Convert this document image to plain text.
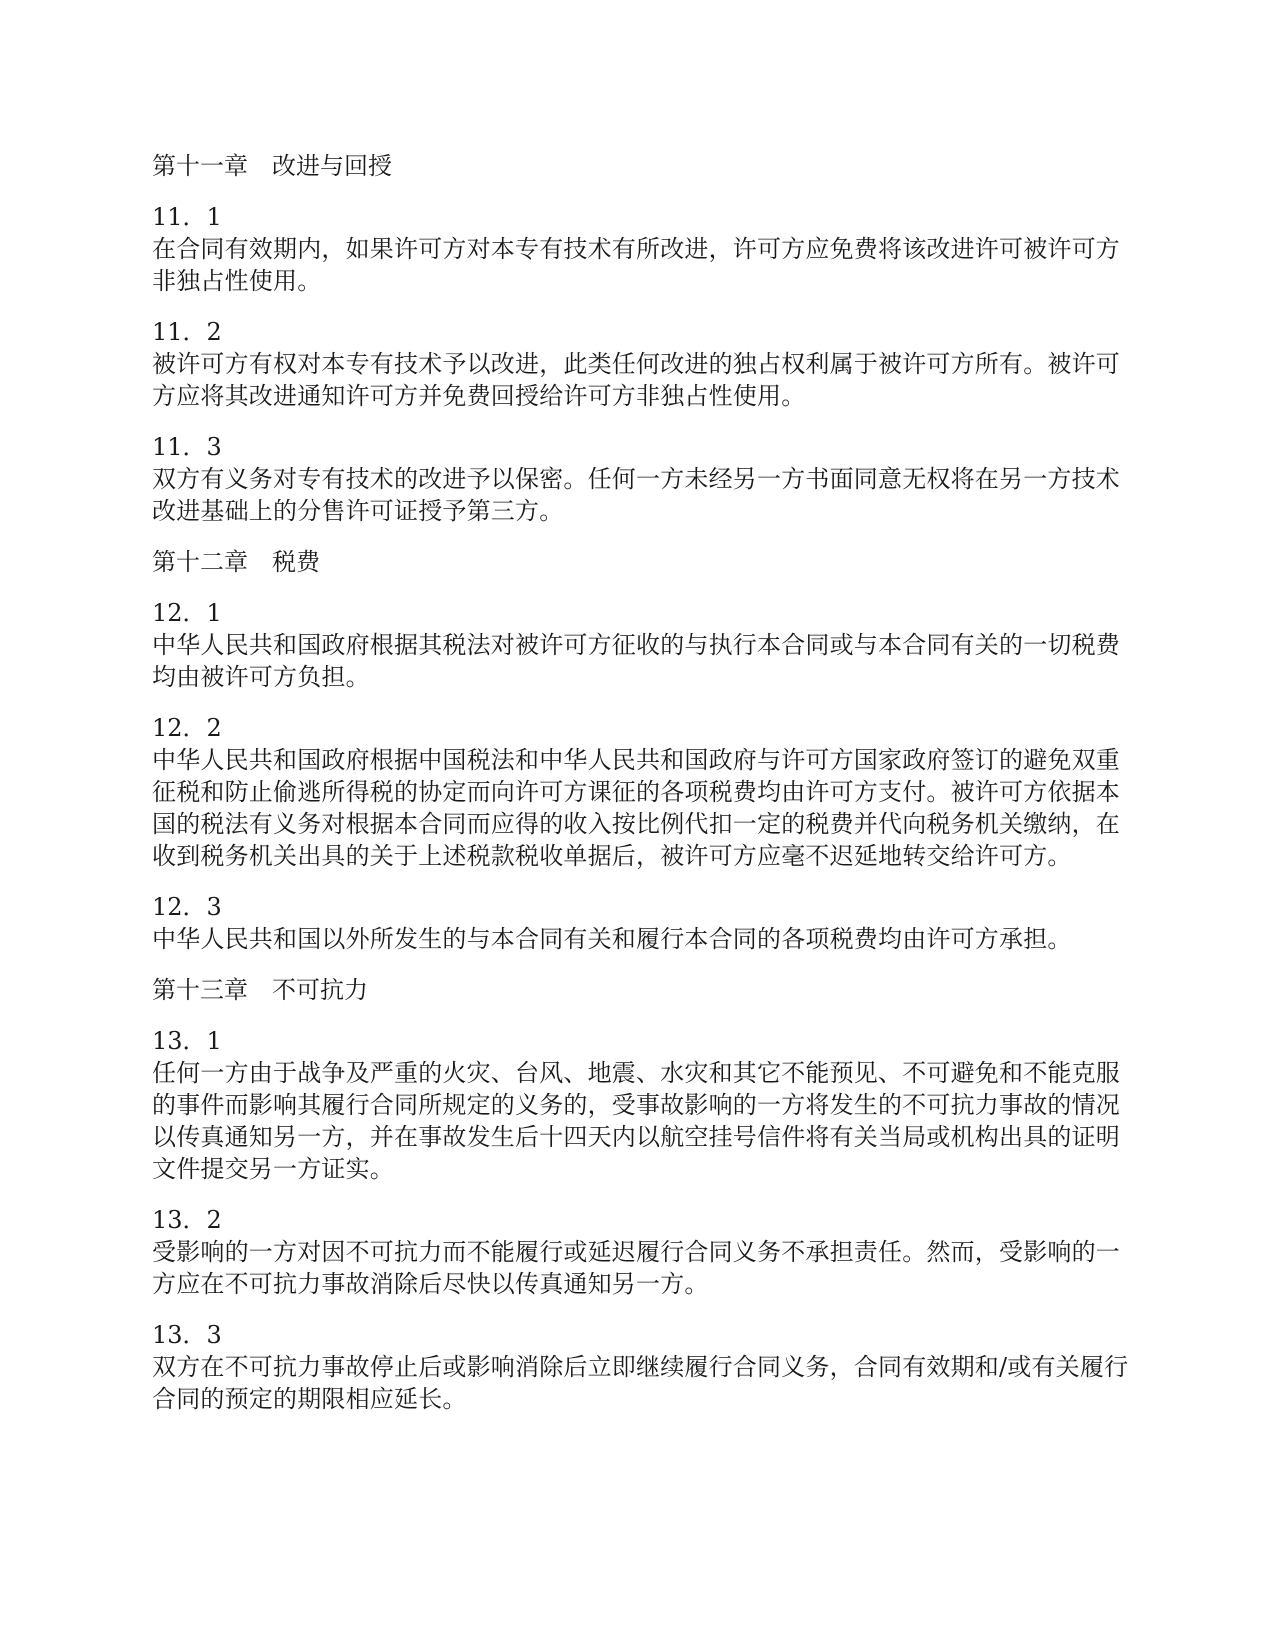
第十一章　改进与回授

11．1

在合同有效期内，如果许可方对本专有技术有所改进，许可方应免费将该改进许可被许可方非独占性使用。

11．2

被许可方有权对本专有技术予以改进，此类任何改进的独占权利属于被许可方所有。被许可方应将其改进通知许可方并免费回授给许可方非独占性使用。

11．3

双方有义务对专有技术的改进予以保密。任何一方未经另一方书面同意无权将在另一方技术改进基础上的分售许可证授予第三方。

第十二章　税费

12．1

中华人民共和国政府根据其税法对被许可方征收的与执行本合同或与本合同有关的一切税费均由被许可方负担。

12．2

中华人民共和国政府根据中国税法和中华人民共和国政府与许可方国家政府签订的避免双重征税和防止偷逃所得税的协定而向许可方课征的各项税费均由许可方支付。被许可方依据本国的税法有义务对根据本合同而应得的收入按比例代扣一定的税费并代向税务机关缴纳，在收到税务机关出具的关于上述税款税收单据后，被许可方应毫不迟延地转交给许可方。

12．3

中华人民共和国以外所发生的与本合同有关和履行本合同的各项税费均由许可方承担。

第十三章　不可抗力

13．1

任何一方由于战争及严重的火灾、台风、地震、水灾和其它不能预见、不可避免和不能克服的事件而影响其履行合同所规定的义务的，受事故影响的一方将发生的不可抗力事故的情况以传真通知另一方，并在事故发生后十四天内以航空挂号信件将有关当局或机构出具的证明文件提交另一方证实。

13．2

受影响的一方对因不可抗力而不能履行或延迟履行合同义务不承担责任。然而，受影响的一方应在不可抗力事故消除后尽快以传真通知另一方。

13．3

双方在不可抗力事故停止后或影响消除后立即继续履行合同义务，合同有效期和/或有关履行合同的预定的期限相应延长。
